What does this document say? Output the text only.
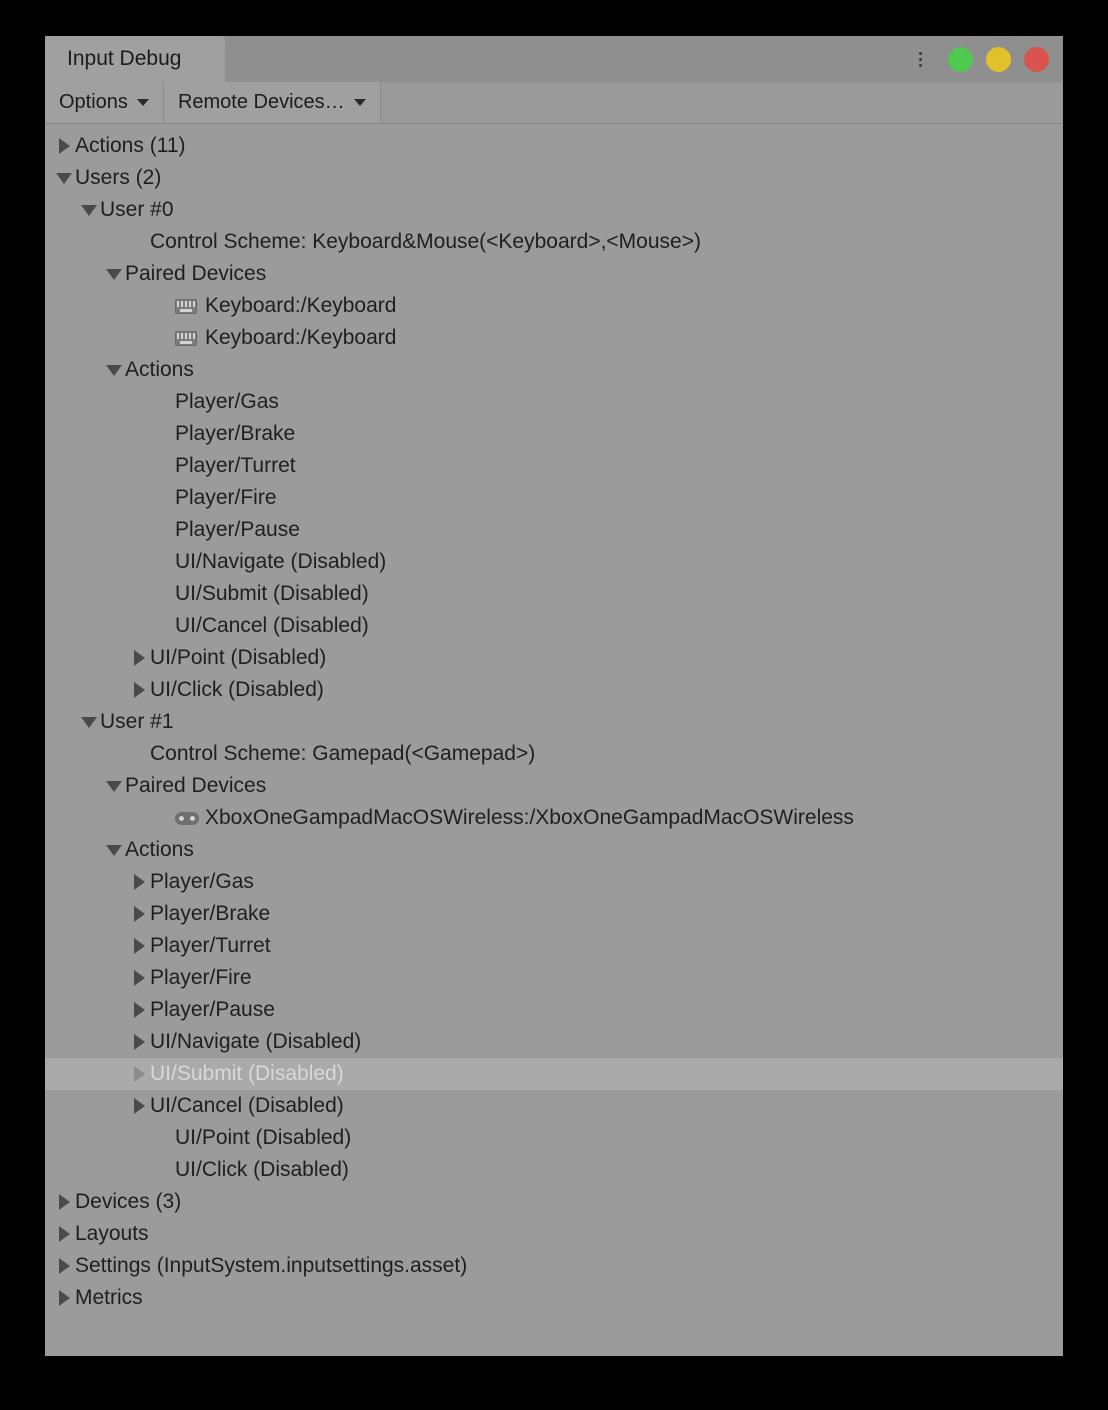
Input Debug
Options	Remote Devices…
Actions (11)
Users (2)
User #0
Control Scheme: Keyboard&Mouse(<Keyboard>,<Mouse>)
Paired Devices
Keyboard:/Keyboard
Keyboard:/Keyboard
Actions
Player/Gas
Player/Brake
Player/Turret
Player/Fire
Player/Pause
UI/Navigate (Disabled)
UI/Submit (Disabled)
UI/Cancel (Disabled)
UI/Point (Disabled)
UI/Click (Disabled)
User #1
Control Scheme: Gamepad(<Gamepad>)
Paired Devices
XboxOneGampadMacOSWireless:/XboxOneGampadMacOSWireless
Actions
Player/Gas
Player/Brake
Player/Turret
Player/Fire
Player/Pause
UI/Navigate (Disabled)
UI/Submit (Disabled)
UI/Cancel (Disabled)
UI/Point (Disabled)
UI/Click (Disabled)
Devices (3)
Layouts
Settings (InputSystem.inputsettings.asset)
Metrics
